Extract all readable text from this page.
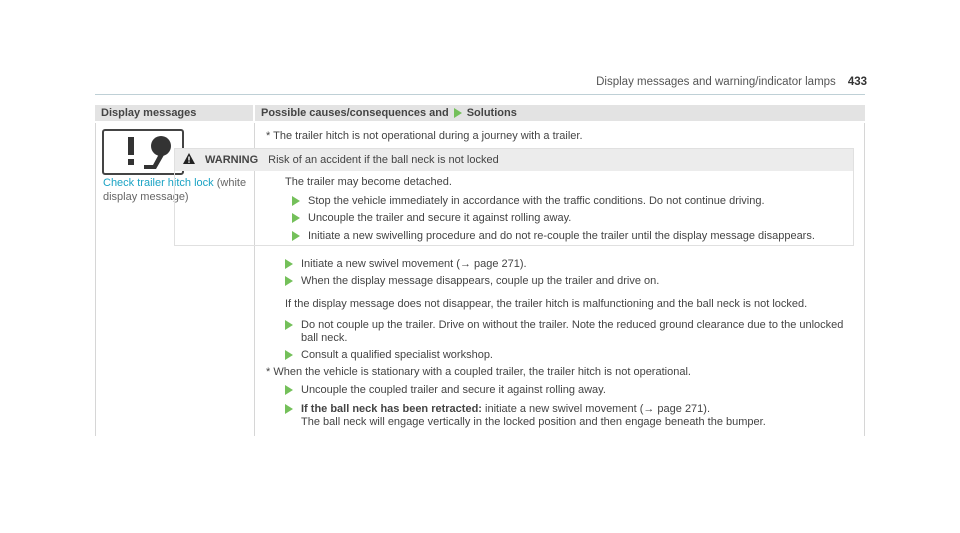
Display messages and warning/indicator lamps 433
Display messages	Possible causes/consequences and Solutions
Check trailer hitch lock (white display message)
* The trailer hitch is not operational during a journey with a trailer.
WARNING Risk of an accident if the ball neck is not locked
The trailer may become detached.
Stop the vehicle immediately in accordance with the traffic conditions. Do not continue driving.
Uncouple the trailer and secure it against rolling away.
Initiate a new swivelling procedure and do not re-couple the trailer until the display message disappears.
Initiate a new swivel movement (→ page 271).
When the display message disappears, couple up the trailer and drive on.
If the display message does not disappear, the trailer hitch is malfunctioning and the ball neck is not locked.
Do not couple up the trailer. Drive on without the trailer. Note the reduced ground clearance due to the unlocked
ball neck.
Consult a qualified specialist workshop.
* When the vehicle is stationary with a coupled trailer, the trailer hitch is not operational.
Uncouple the coupled trailer and secure it against rolling away.
If the ball neck has been retracted: initiate a new swivel movement (→ page 271).
The ball neck will engage vertically in the locked position and then engage beneath the bumper.
